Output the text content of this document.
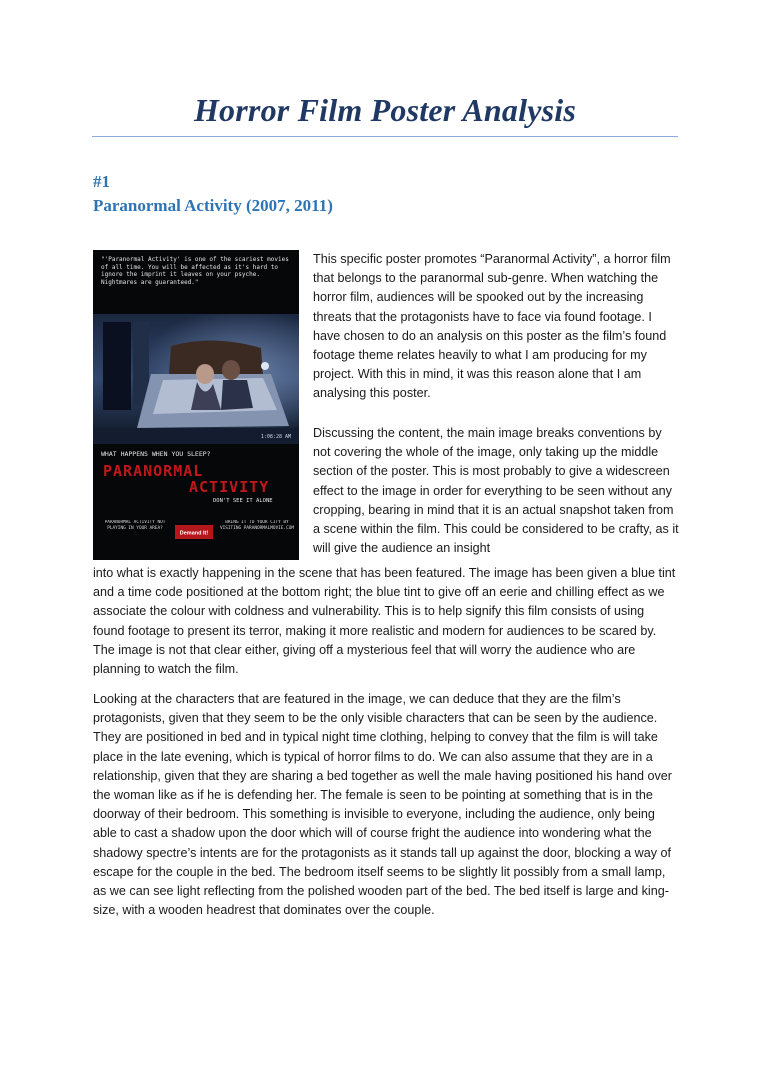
Horror Film Poster Analysis
#1
Paranormal Activity (2007, 2011)
"'Paranormal Activity' is one of the scariest movies of all time. You will be affected as it's hard to ignore the imprint it leaves on your psyche. Nightmares are guaranteed."
1:08:28 AM
WHAT HAPPENS WHEN YOU SLEEP?
PARANORMAL
ACTIVITY
DON'T SEE IT ALONE
PARANORMAL ACTIVITY NOT PLAYING IN YOUR AREA?
Demand It!
BRING IT TO YOUR CITY BY VISITING PARANORMALMOVIE.COM

This specific poster promotes “Paranormal Activity”, a horror film that belongs to the paranormal sub-genre. When watching the horror film, audiences will be spooked out by the increasing threats that the protagonists have to face via found footage. I have chosen to do an analysis on this poster as the film’s found footage theme relates heavily to what I am producing for my project. With this in mind, it was this reason alone that I am analysing this poster.

Discussing the content, the main image breaks conventions by not covering the whole of the image, only taking up the middle section of the poster. This is most probably to give a widescreen effect to the image in order for everything to be seen without any cropping, bearing in mind that it is an actual snapshot taken from a scene within the film. This could be considered to be crafty, as it will give the audience an insight

into what is exactly happening in the scene that has been featured. The image has been given a blue tint and a time code positioned at the bottom right; the blue tint to give off an eerie and chilling effect as we associate the colour with coldness and vulnerability. This is to help signify this film consists of using found footage to present its terror, making it more realistic and modern for audiences to be scared by. The image is not that clear either, giving off a mysterious feel that will worry the audience who are planning to watch the film.

Looking at the characters that are featured in the image, we can deduce that they are the film’s protagonists, given that they seem to be the only visible characters that can be seen by the audience. They are positioned in bed and in typical night time clothing, helping to convey that the film is will take place in the late evening, which is typical of horror films to do. We can also assume that they are in a relationship, given that they are sharing a bed together as well the male having positioned his hand over the woman like as if he is defending her. The female is seen to be pointing at something that is in the doorway of their bedroom. This something is invisible to everyone, including the audience, only being able to cast a shadow upon the door which will of course fright the audience into wondering what the shadowy spectre’s intents are for the protagonists as it stands tall up against the door, blocking a way of escape for the couple in the bed. The bedroom itself seems to be slightly lit possibly from a small lamp, as we can see light reflecting from the polished wooden part of the bed. The bed itself is large and king-size, with a wooden headrest that dominates over the couple.
